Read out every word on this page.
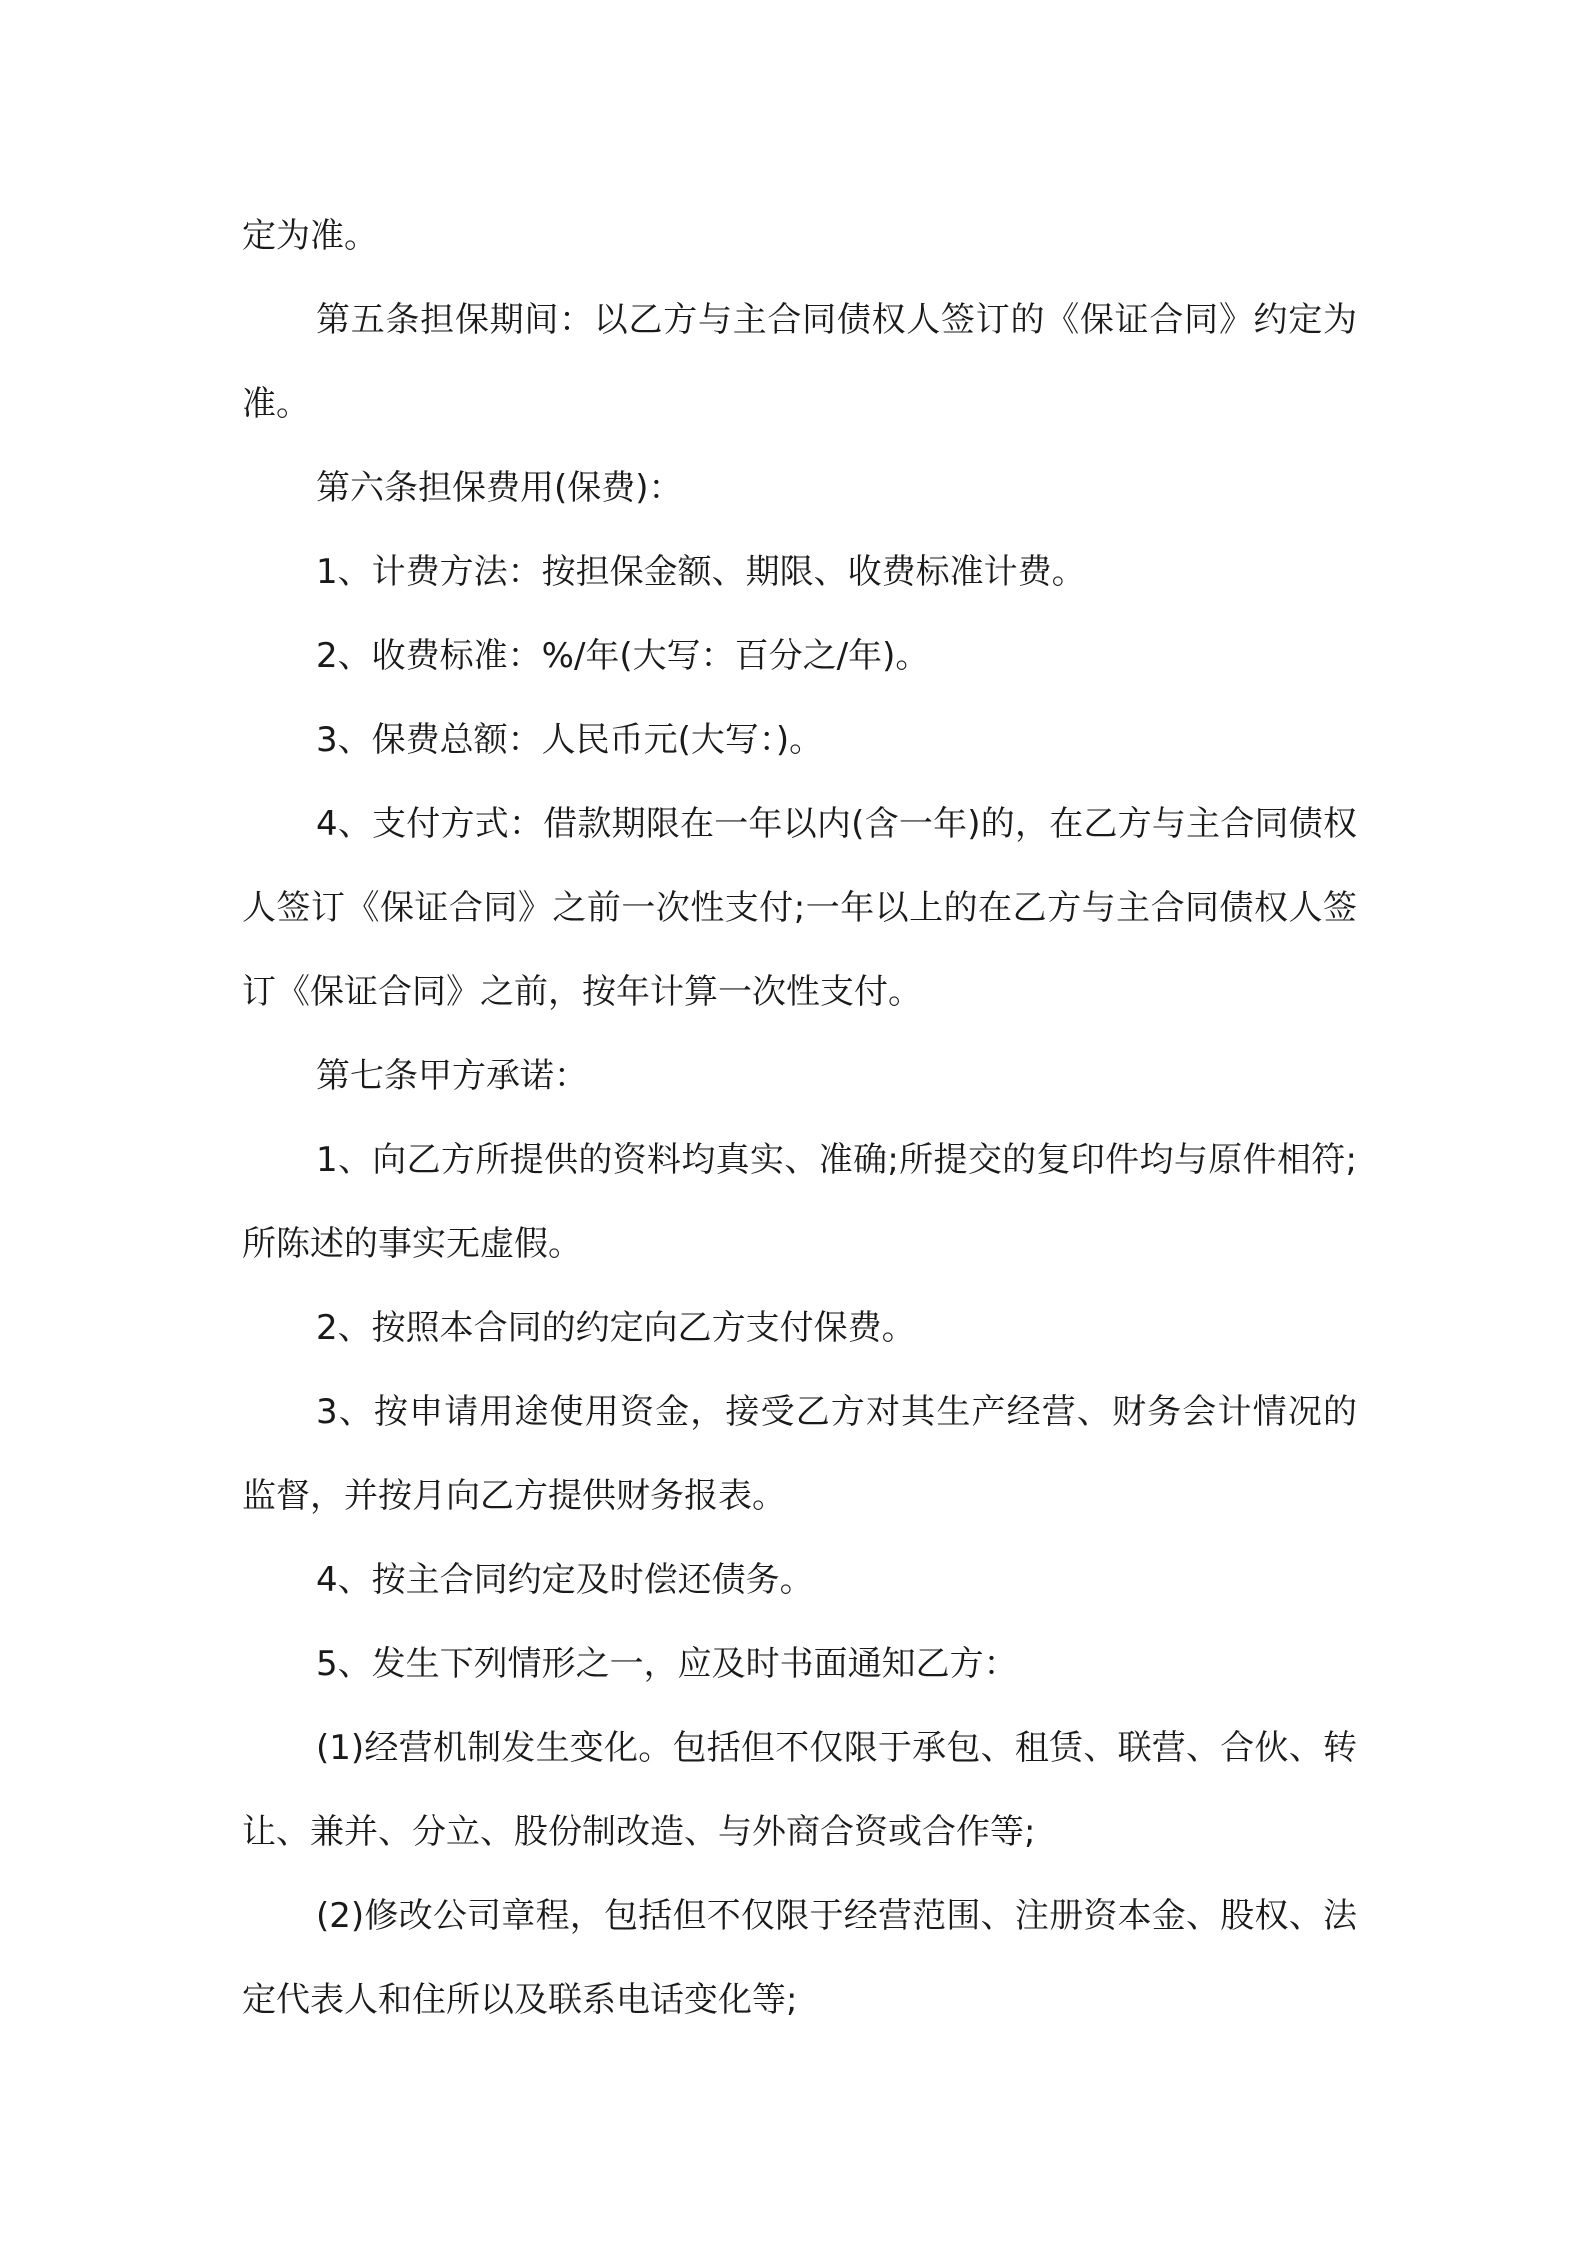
定为准。

第五条担保期间：以乙方与主合同债权人签订的《保证合同》约定为准。

第六条担保费用(保费)：

1、计费方法：按担保金额、期限、收费标准计费。

2、收费标准：%/年(大写：百分之/年)。

3、保费总额：人民币元(大写：)。

4、支付方式：借款期限在一年以内(含一年)的，在乙方与主合同债权人签订《保证合同》之前一次性支付;一年以上的在乙方与主合同债权人签订《保证合同》之前，按年计算一次性支付。

第七条甲方承诺：

1、向乙方所提供的资料均真实、准确;所提交的复印件均与原件相符;所陈述的事实无虚假。

2、按照本合同的约定向乙方支付保费。

3、按申请用途使用资金，接受乙方对其生产经营、财务会计情况的监督，并按月向乙方提供财务报表。

4、按主合同约定及时偿还债务。

5、发生下列情形之一，应及时书面通知乙方：

(1)经营机制发生变化。包括但不仅限于承包、租赁、联营、合伙、转让、兼并、分立、股份制改造、与外商合资或合作等;

(2)修改公司章程，包括但不仅限于经营范围、注册资本金、股权、法定代表人和住所以及联系电话变化等;
